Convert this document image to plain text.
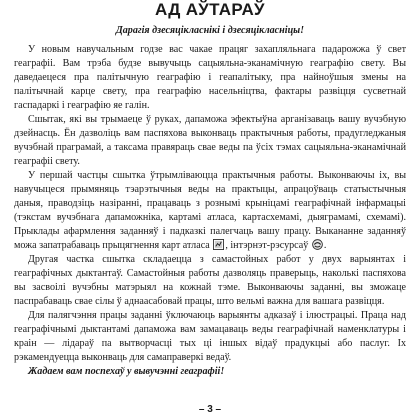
АД АЎТАРАЎ
Дарагія дзесяцікласнікі і дзесяцікласніцы!

У новым навучальным годзе вас чакае працяг захапляльнага падарожжа ў свет геаграфіі. Вам трэба будзе вывучыць сацыяльна-эканамічную геаграфію свету. Вы даведаецеся пра палітычную геаграфію і геапалітыку, пра найноўшыя змены на палітычнай карце свету, пра геаграфію насельніцтва, фактары развіцця сусветнай гаспадаркі і геаграфію яе галін.

Сшытак, які вы трымаеце ў руках, дапаможа эфектыўна арганізаваць вашу вучэбную дзейнасць. Ён дазволіць вам паспяхова выконваць практычныя работы, прадугледжаныя вучэбнай праграмай, а таксама правяраць свае веды па ўсіх тэмах сацыяльна-эканамічнай геаграфіі свету.

У першай частцы сшытка ўтрымліваюцца практычныя работы. Выконваючы іх, вы навучыцеся прымяняць тэарэтычныя веды на практыцы, апрацоўваць статыстычныя даныя, праводзіць назіранні, працаваць з рознымі крыніцамі геаграфічнай інфармацыі (тэкстам вучэбнага дапаможніка, картамі атласа, картасхемамі, дыяграмамі, схемамі). Прыклады афармлення заданняў і падказкі палегчаць вашу працу. Выкананне заданняў можа запатрабаваць прыцягнення карт атласа , інтэрнэт-рэсурсаў .

Другая частка сшытка складаецца з самастойных работ у двух варыянтах і геаграфічных дыктантаў. Самастойныя работы дазволяць праверыць, наколькі паспяхова вы засвоілі вучэбны матэрыял на кожнай тэме. Выконваючы заданні, вы зможаце паспрабаваць свае сілы ў аднаасабовай працы, што вельмі важна для вашага развіцця.

Для палягчэння працы заданні ўключаюць варыянты адказаў і ілюстрацыі. Праца над геаграфічнымі дыктантамі дапаможа вам замацаваць веды геаграфічнай наменклатуры і краін — лідараў па вытворчасці тых ці іншых відаў прадукцыі або паслуг. Іх рэкамендуецца выконваць для самаправеркі ведаў.

Жадаем вам поспехаў у вывучэнні геаграфіі!
– 3 –
